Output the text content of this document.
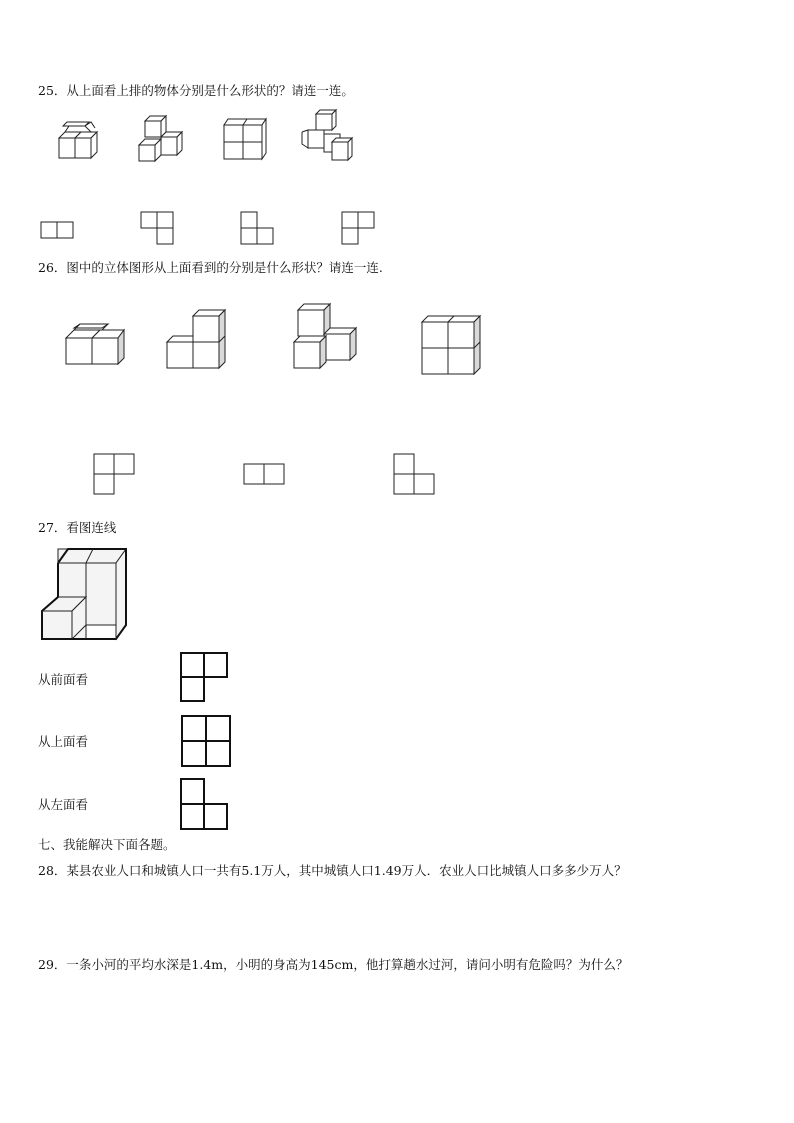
25．从上面看上排的物体分别是什么形状的？请连一连。
26．图中的立体图形从上面看到的分别是什么形状？请连一连.
27．看图连线
从前面看
从上面看
从左面看
七、我能解决下面各题。
28．某县农业人口和城镇人口一共有5.1万人，其中城镇人口1.49万人．农业人口比城镇人口多多少万人？
29．一条小河的平均水深是1.4m，小明的身高为145cm，他打算趟水过河，请问小明有危险吗？为什么？
